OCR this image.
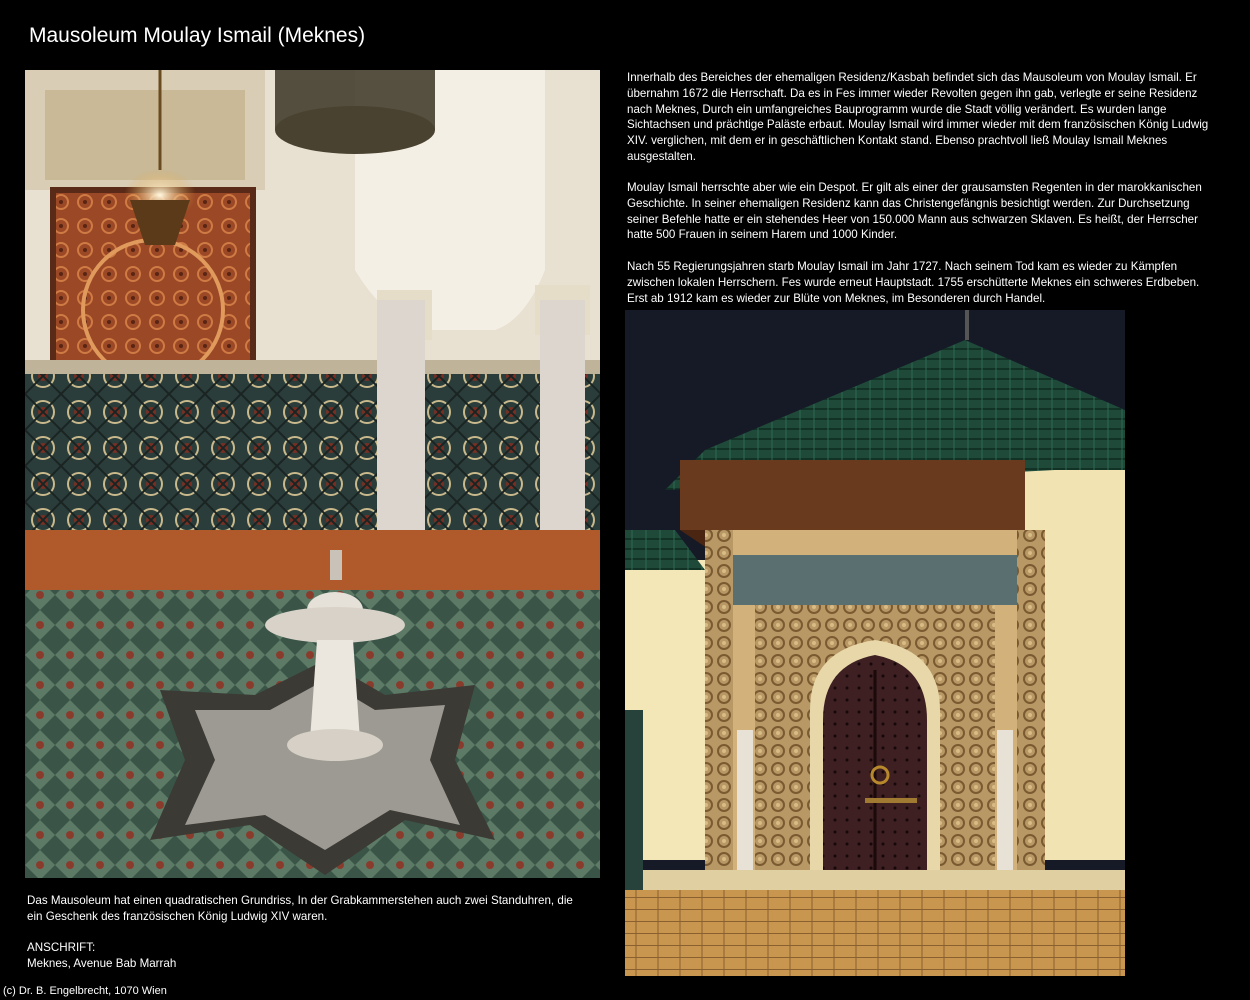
Mausoleum Moulay Ismail (Meknes)

Innerhalb des Bereiches der ehemaligen Residenz/Kasbah befindet sich das Mausoleum von Moulay Ismail. Er übernahm 1672 die Herrschaft. Da es in Fes immer wieder Revolten gegen ihn gab, verlegte er seine Residenz nach Meknes, Durch ein umfangreiches Bauprogramm wurde die Stadt völlig verändert. Es wurden lange Sichtachsen und prächtige Paläste erbaut. Moulay Ismail wird immer wieder mit dem französischen König Ludwig XIV. verglichen, mit dem er in geschäftlichen Kontakt stand. Ebenso prachtvoll ließ Moulay Ismail Meknes ausgestalten.

Moulay Ismail herrschte aber wie ein Despot. Er gilt als einer der grausamsten Regenten in der marokkanischen Geschichte. In seiner ehemaligen Residenz kann das Christengefängnis besichtigt werden. Zur Durchsetzung seiner Befehle hatte er ein stehendes Heer von 150.000 Mann aus schwarzen Sklaven. Es heißt, der Herrscher hatte 500 Frauen in seinem Harem und 1000 Kinder.

Nach 55 Regierungsjahren starb Moulay Ismail im Jahr 1727. Nach seinem Tod kam es wieder zu Kämpfen zwischen lokalen Herrschern. Fes wurde erneut Hauptstadt. 1755 erschütterte Meknes ein schweres Erdbeben. Erst ab 1912 kam es wieder zur Blüte von Meknes, im Besonderen durch Handel.

Das Mausoleum hat einen quadratischen Grundriss, In der Grabkammerstehen auch zwei Standuhren, die ein Geschenk des französischen König Ludwig XIV waren.

ANSCHRIFT:
Meknes, Avenue Bab Marrah
(c) Dr. B. Engelbrecht, 1070 Wien
